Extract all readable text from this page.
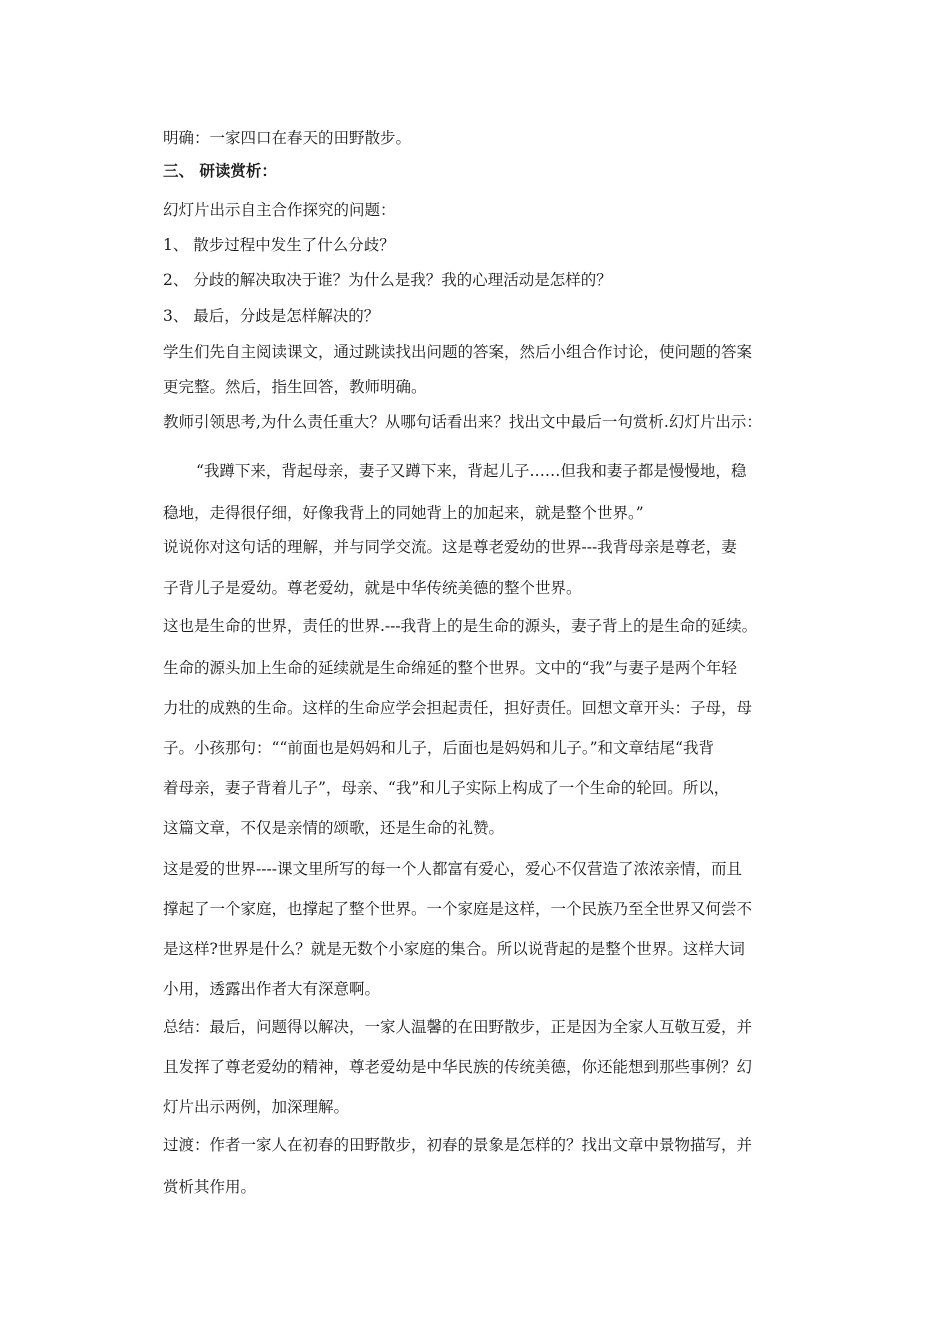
明确：一家四口在春天的田野散步。
三、 研读赏析：
幻灯片出示自主合作探究的问题：
1、 散步过程中发生了什么分歧？
2、 分歧的解决取决于谁？为什么是我？我的心理活动是怎样的？
3、 最后，分歧是怎样解决的？
学生们先自主阅读课文，通过跳读找出问题的答案，然后小组合作讨论，使问题的答案
更完整。然后，指生回答，教师明确。
教师引领思考,为什么责任重大？从哪句话看出来？找出文中最后一句赏析.幻灯片出示：
“我蹲下来，背起母亲，妻子又蹲下来，背起儿子……但我和妻子都是慢慢地，稳
稳地，走得很仔细，好像我背上的同她背上的加起来，就是整个世界。”
说说你对这句话的理解，并与同学交流。这是尊老爱幼的世界---我背母亲是尊老，妻
子背儿子是爱幼。尊老爱幼，就是中华传统美德的整个世界。
这也是生命的世界，责任的世界.---我背上的是生命的源头，妻子背上的是生命的延续。
生命的源头加上生命的延续就是生命绵延的整个世界。文中的“我”与妻子是两个年轻
力壮的成熟的生命。这样的生命应学会担起责任，担好责任。回想文章开头：子母，母
子。小孩那句：““前面也是妈妈和儿子，后面也是妈妈和儿子。”和文章结尾“我背
着母亲，妻子背着儿子”，母亲、“我”和儿子实际上构成了一个生命的轮回。所以，
这篇文章，不仅是亲情的颂歌，还是生命的礼赞。
这是爱的世界----课文里所写的每一个人都富有爱心，爱心不仅营造了浓浓亲情，而且
撑起了一个家庭，也撑起了整个世界。一个家庭是这样，一个民族乃至全世界又何尝不
是这样?世界是什么？就是无数个小家庭的集合。所以说背起的是整个世界。这样大词
小用，透露出作者大有深意啊。
总结：最后，问题得以解决，一家人温馨的在田野散步，正是因为全家人互敬互爱，并
且发挥了尊老爱幼的精神，尊老爱幼是中华民族的传统美德，你还能想到那些事例？幻
灯片出示两例，加深理解。
过渡：作者一家人在初春的田野散步，初春的景象是怎样的？找出文章中景物描写，并
赏析其作用。
